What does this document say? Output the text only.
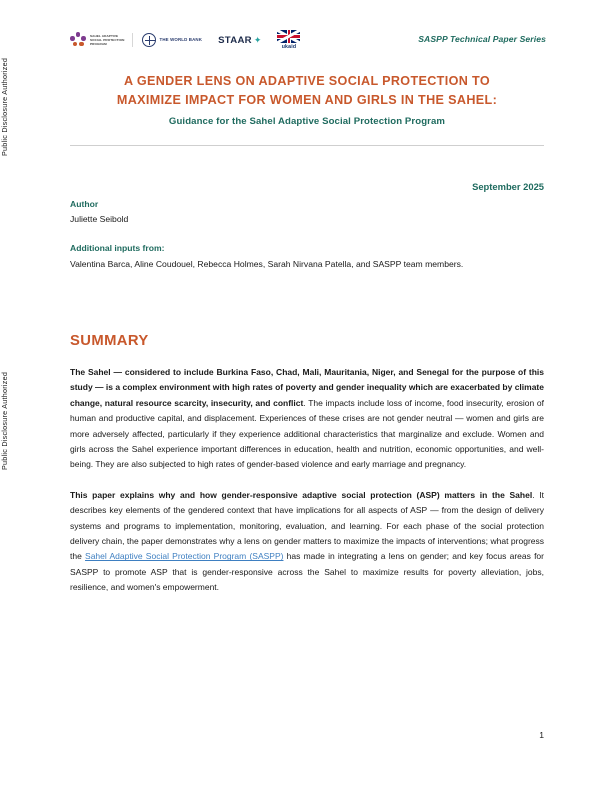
Public Disclosure Authorized
Public Disclosure Authorized
SAHEL ADAPTIVE
SOCIAL PROTECTION
PROGRAM
THE WORLD BANK STAAR ✦
ukaid
SASPP Technical Paper Series
A GENDER LENS ON ADAPTIVE SOCIAL PROTECTION TO
MAXIMIZE IMPACT FOR WOMEN AND GIRLS IN THE SAHEL:
Guidance for the Sahel Adaptive Social Protection Program
September 2025
Author
Juliette Seibold
Additional inputs from:
Valentina Barca, Aline Coudouel, Rebecca Holmes, Sarah Nirvana Patella, and SASPP team members.
SUMMARY

The Sahel — considered to include Burkina Faso, Chad, Mali, Mauritania, Niger, and Senegal for the purpose of this study — is a complex environment with high rates of poverty and gender inequality which are exacerbated by climate change, natural resource scarcity, insecurity, and conflict. The impacts include loss of income, food insecurity, erosion of human and productive capital, and displacement. Experiences of these crises are not gender neutral — women and girls are more adversely affected, particularly if they experience additional characteristics that marginalize and exclude. Women and girls across the Sahel experience important differences in education, health and nutrition, economic opportunities, and well-being. They are also subjected to high rates of gender-based violence and early marriage and pregnancy.

This paper explains why and how gender-responsive adaptive social protection (ASP) matters in the Sahel. It describes key elements of the gendered context that have implications for all aspects of ASP — from the design of delivery systems and programs to implementation, monitoring, evaluation, and learning. For each phase of the social protection delivery chain, the paper demonstrates why a lens on gender matters to maximize the impacts of interventions; what progress the Sahel Adaptive Social Protection Program (SASPP) has made in integrating a lens on gender; and key focus areas for SASPP to promote ASP that is gender-responsive across the Sahel to maximize results for poverty alleviation, jobs, resilience, and women's empowerment.

1
